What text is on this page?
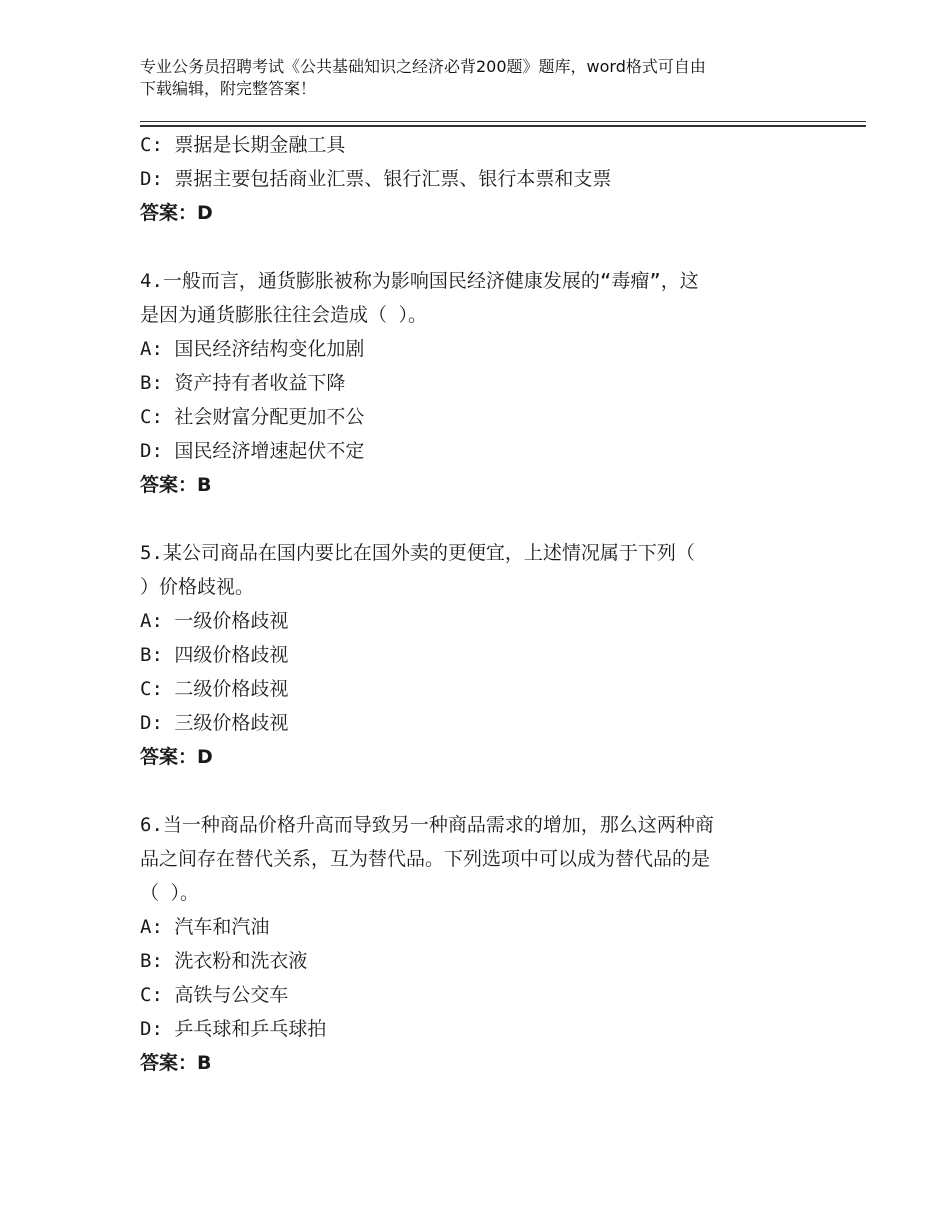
专业公务员招聘考试《公共基础知识之经济必背200题》题库，word格式可自由
下载编辑，附完整答案！
C: 票据是长期金融工具
D: 票据主要包括商业汇票、银行汇票、银行本票和支票
答案：D
4.一般而言，通货膨胀被称为影响国民经济健康发展的“毒瘤”，这
是因为通货膨胀往往会造成（ ）。
A: 国民经济结构变化加剧
B: 资产持有者收益下降
C: 社会财富分配更加不公
D: 国民经济增速起伏不定
答案：B
5.某公司商品在国内要比在国外卖的更便宜，上述情况属于下列（
）价格歧视。
A: 一级价格歧视
B: 四级价格歧视
C: 二级价格歧视
D: 三级价格歧视
答案：D
6.当一种商品价格升高而导致另一种商品需求的增加，那么这两种商
品之间存在替代关系，互为替代品。下列选项中可以成为替代品的是
（ ）。
A: 汽车和汽油
B: 洗衣粉和洗衣液
C: 高铁与公交车
D: 乒乓球和乒乓球拍
答案：B
